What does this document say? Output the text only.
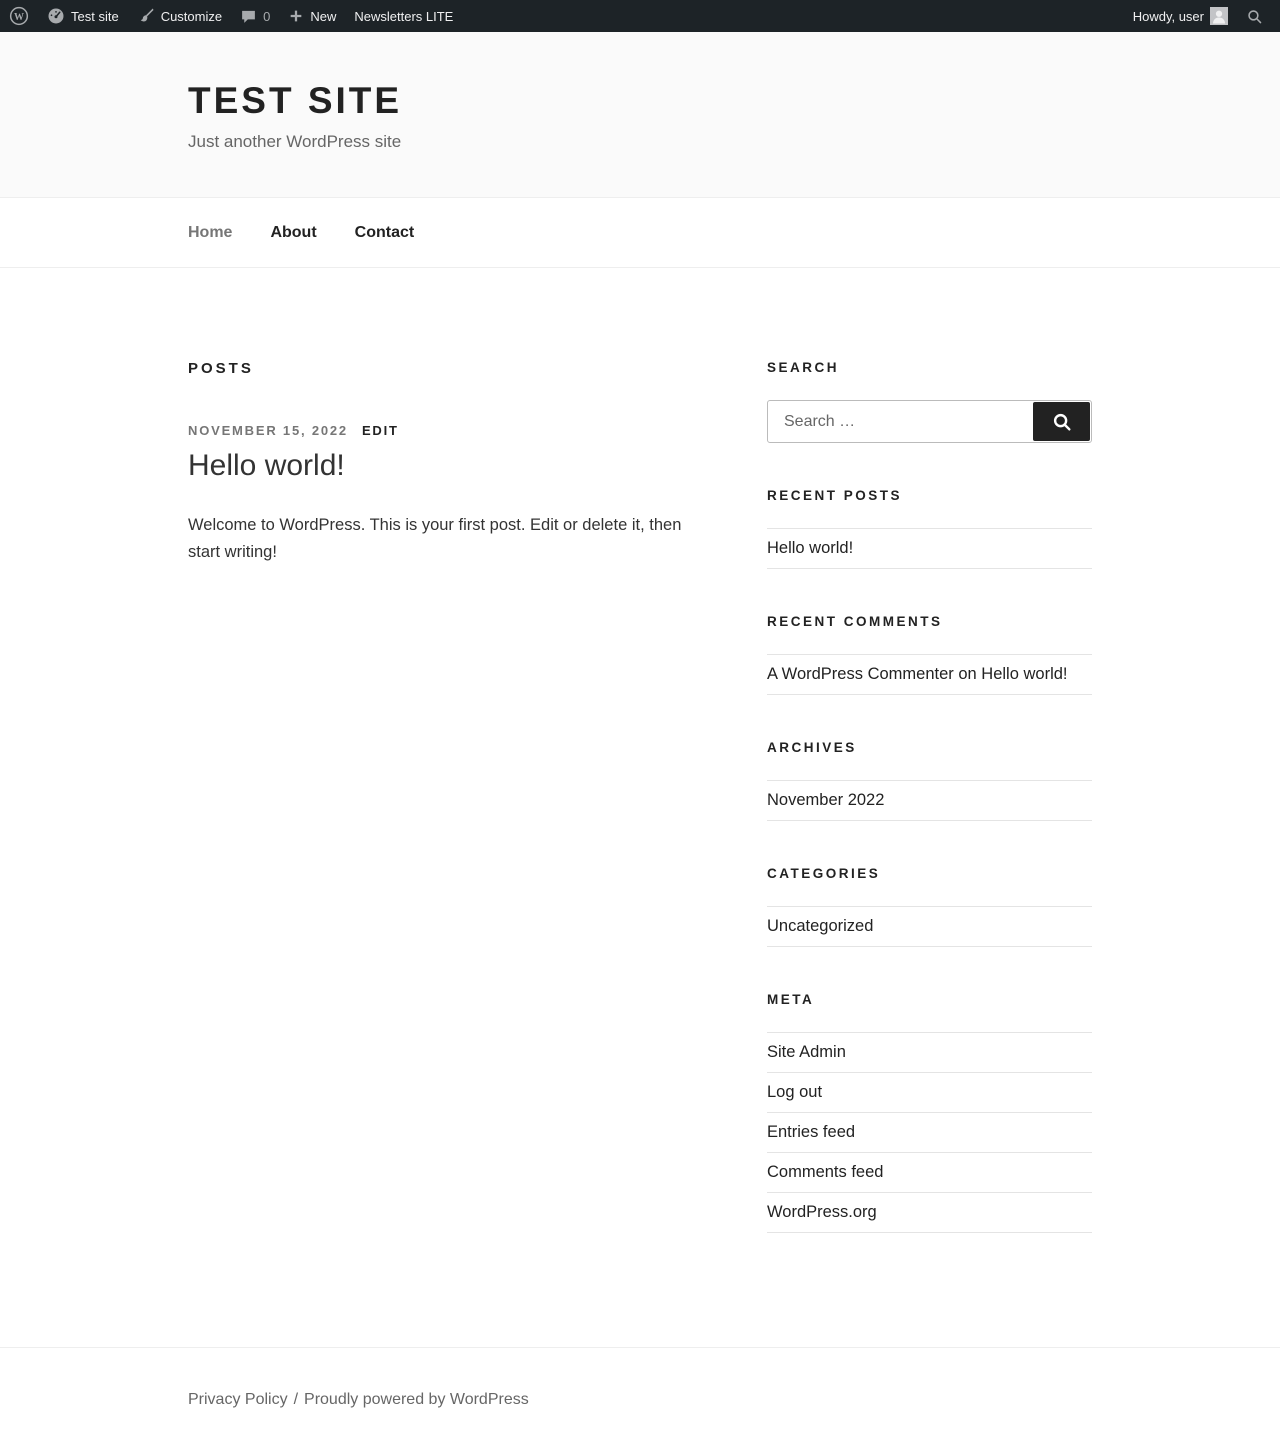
W	Test site	Customize	0	New Newsletters LITE	Howdy, user
TEST SITE

Just another WordPress site

Home About Contact
POSTS
NOVEMBER 15, 2022 EDIT
Hello world!

Welcome to WordPress. This is your first post. Edit or delete it, then start writing!

SEARCH
Search …
RECENT POSTS
Hello world!
RECENT COMMENTS
A WordPress Commenter on Hello world!
ARCHIVES
November 2022
CATEGORIES
Uncategorized
META
Site Admin
Log out
Entries feed
Comments feed
WordPress.org
Privacy Policy / Proudly powered by WordPress
